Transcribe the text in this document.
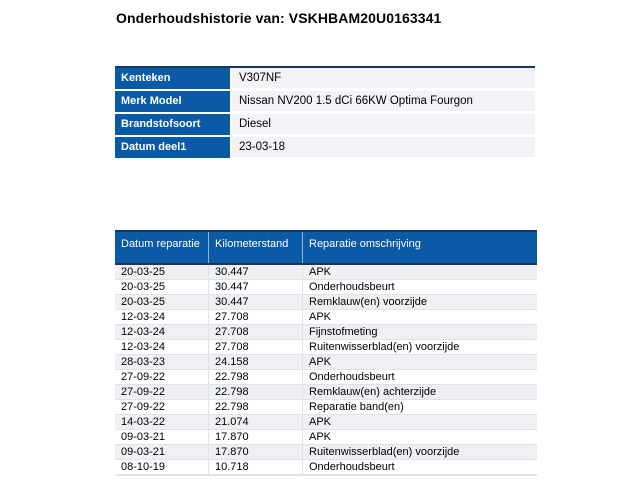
Onderhoudshistorie van: VSKHBAM20U0163341
Kenteken	V307NF
Merk Model	Nissan NV200 1.5 dCi 66KW Optima Fourgon
Brandstofsoort	Diesel
Datum deel1	23-03-18
Datum reparatie	Kilometerstand	Reparatie omschrijving
20-03-25	30.447	APK
20-03-25	30.447	Onderhoudsbeurt
20-03-25	30.447	Remklauw(en) voorzijde
12-03-24	27.708	APK
12-03-24	27.708	Fijnstofmeting
12-03-24	27.708	Ruitenwisserblad(en) voorzijde
28-03-23	24.158	APK
27-09-22	22.798	Onderhoudsbeurt
27-09-22	22.798	Remklauw(en) achterzijde
27-09-22	22.798	Reparatie band(en)
14-03-22	21.074	APK
09-03-21	17.870	APK
09-03-21	17.870	Ruitenwisserblad(en) voorzijde
08-10-19	10.718	Onderhoudsbeurt
